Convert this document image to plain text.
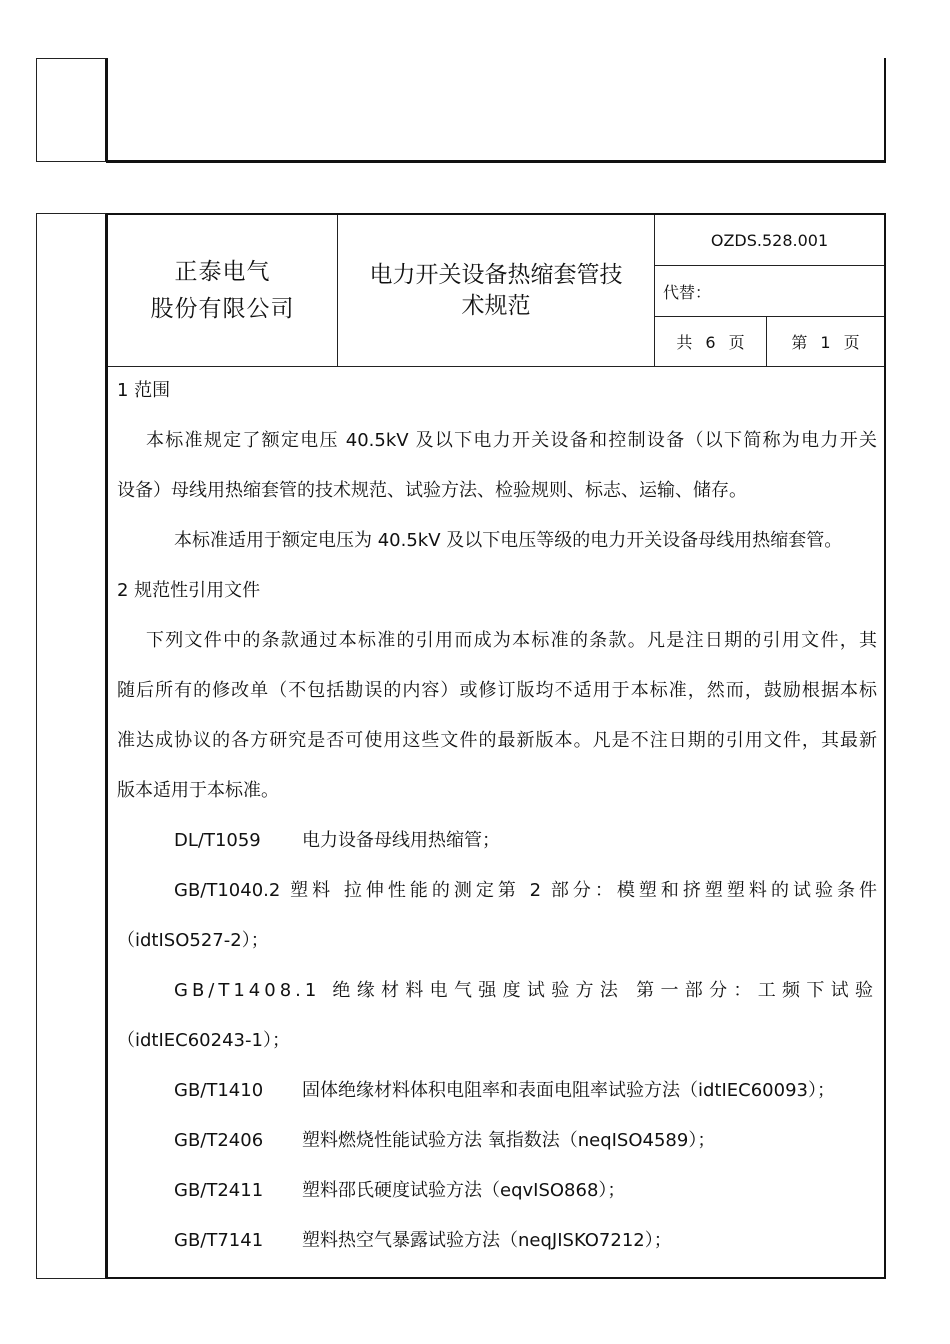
正泰电气
股份有限公司
电力开关设备热缩套管技
术规范
OZDS.528.001
代替：
共 6 页	第 1 页
1 范围
本标准规定了额定电压 40.5kV 及以下电力开关设备和控制设备（以下简称为电力开关
设备）母线用热缩套管的技术规范、试验方法、检验规则、标志、运输、储存。
本标准适用于额定电压为 40.5kV 及以下电压等级的电力开关设备母线用热缩套管。
2 规范性引用文件
下列文件中的条款通过本标准的引用而成为本标准的条款。凡是注日期的引用文件，其
随后所有的修改单（不包括勘误的内容）或修订版均不适用于本标准，然而，鼓励根据本标
准达成协议的各方研究是否可使用这些文件的最新版本。凡是不注日期的引用文件，其最新
版本适用于本标准。
DL/T1059	电力设备母线用热缩管；
GB/T1040.2 塑料 拉伸性能的测定第 2 部分：模塑和挤塑塑料的试验条件
（idtISO527-2）；
GB/T1408.1 绝缘材料电气强度试验方法 第一部分：工频下试验
（idtIEC60243-1）；
GB/T1410	固体绝缘材料体积电阻率和表面电阻率试验方法（idtIEC60093）；
GB/T2406	塑料燃烧性能试验方法 氧指数法（neqISO4589）；
GB/T2411	塑料邵氏硬度试验方法（eqvISO868）；
GB/T7141	塑料热空气暴露试验方法（neqJISKO7212）；
